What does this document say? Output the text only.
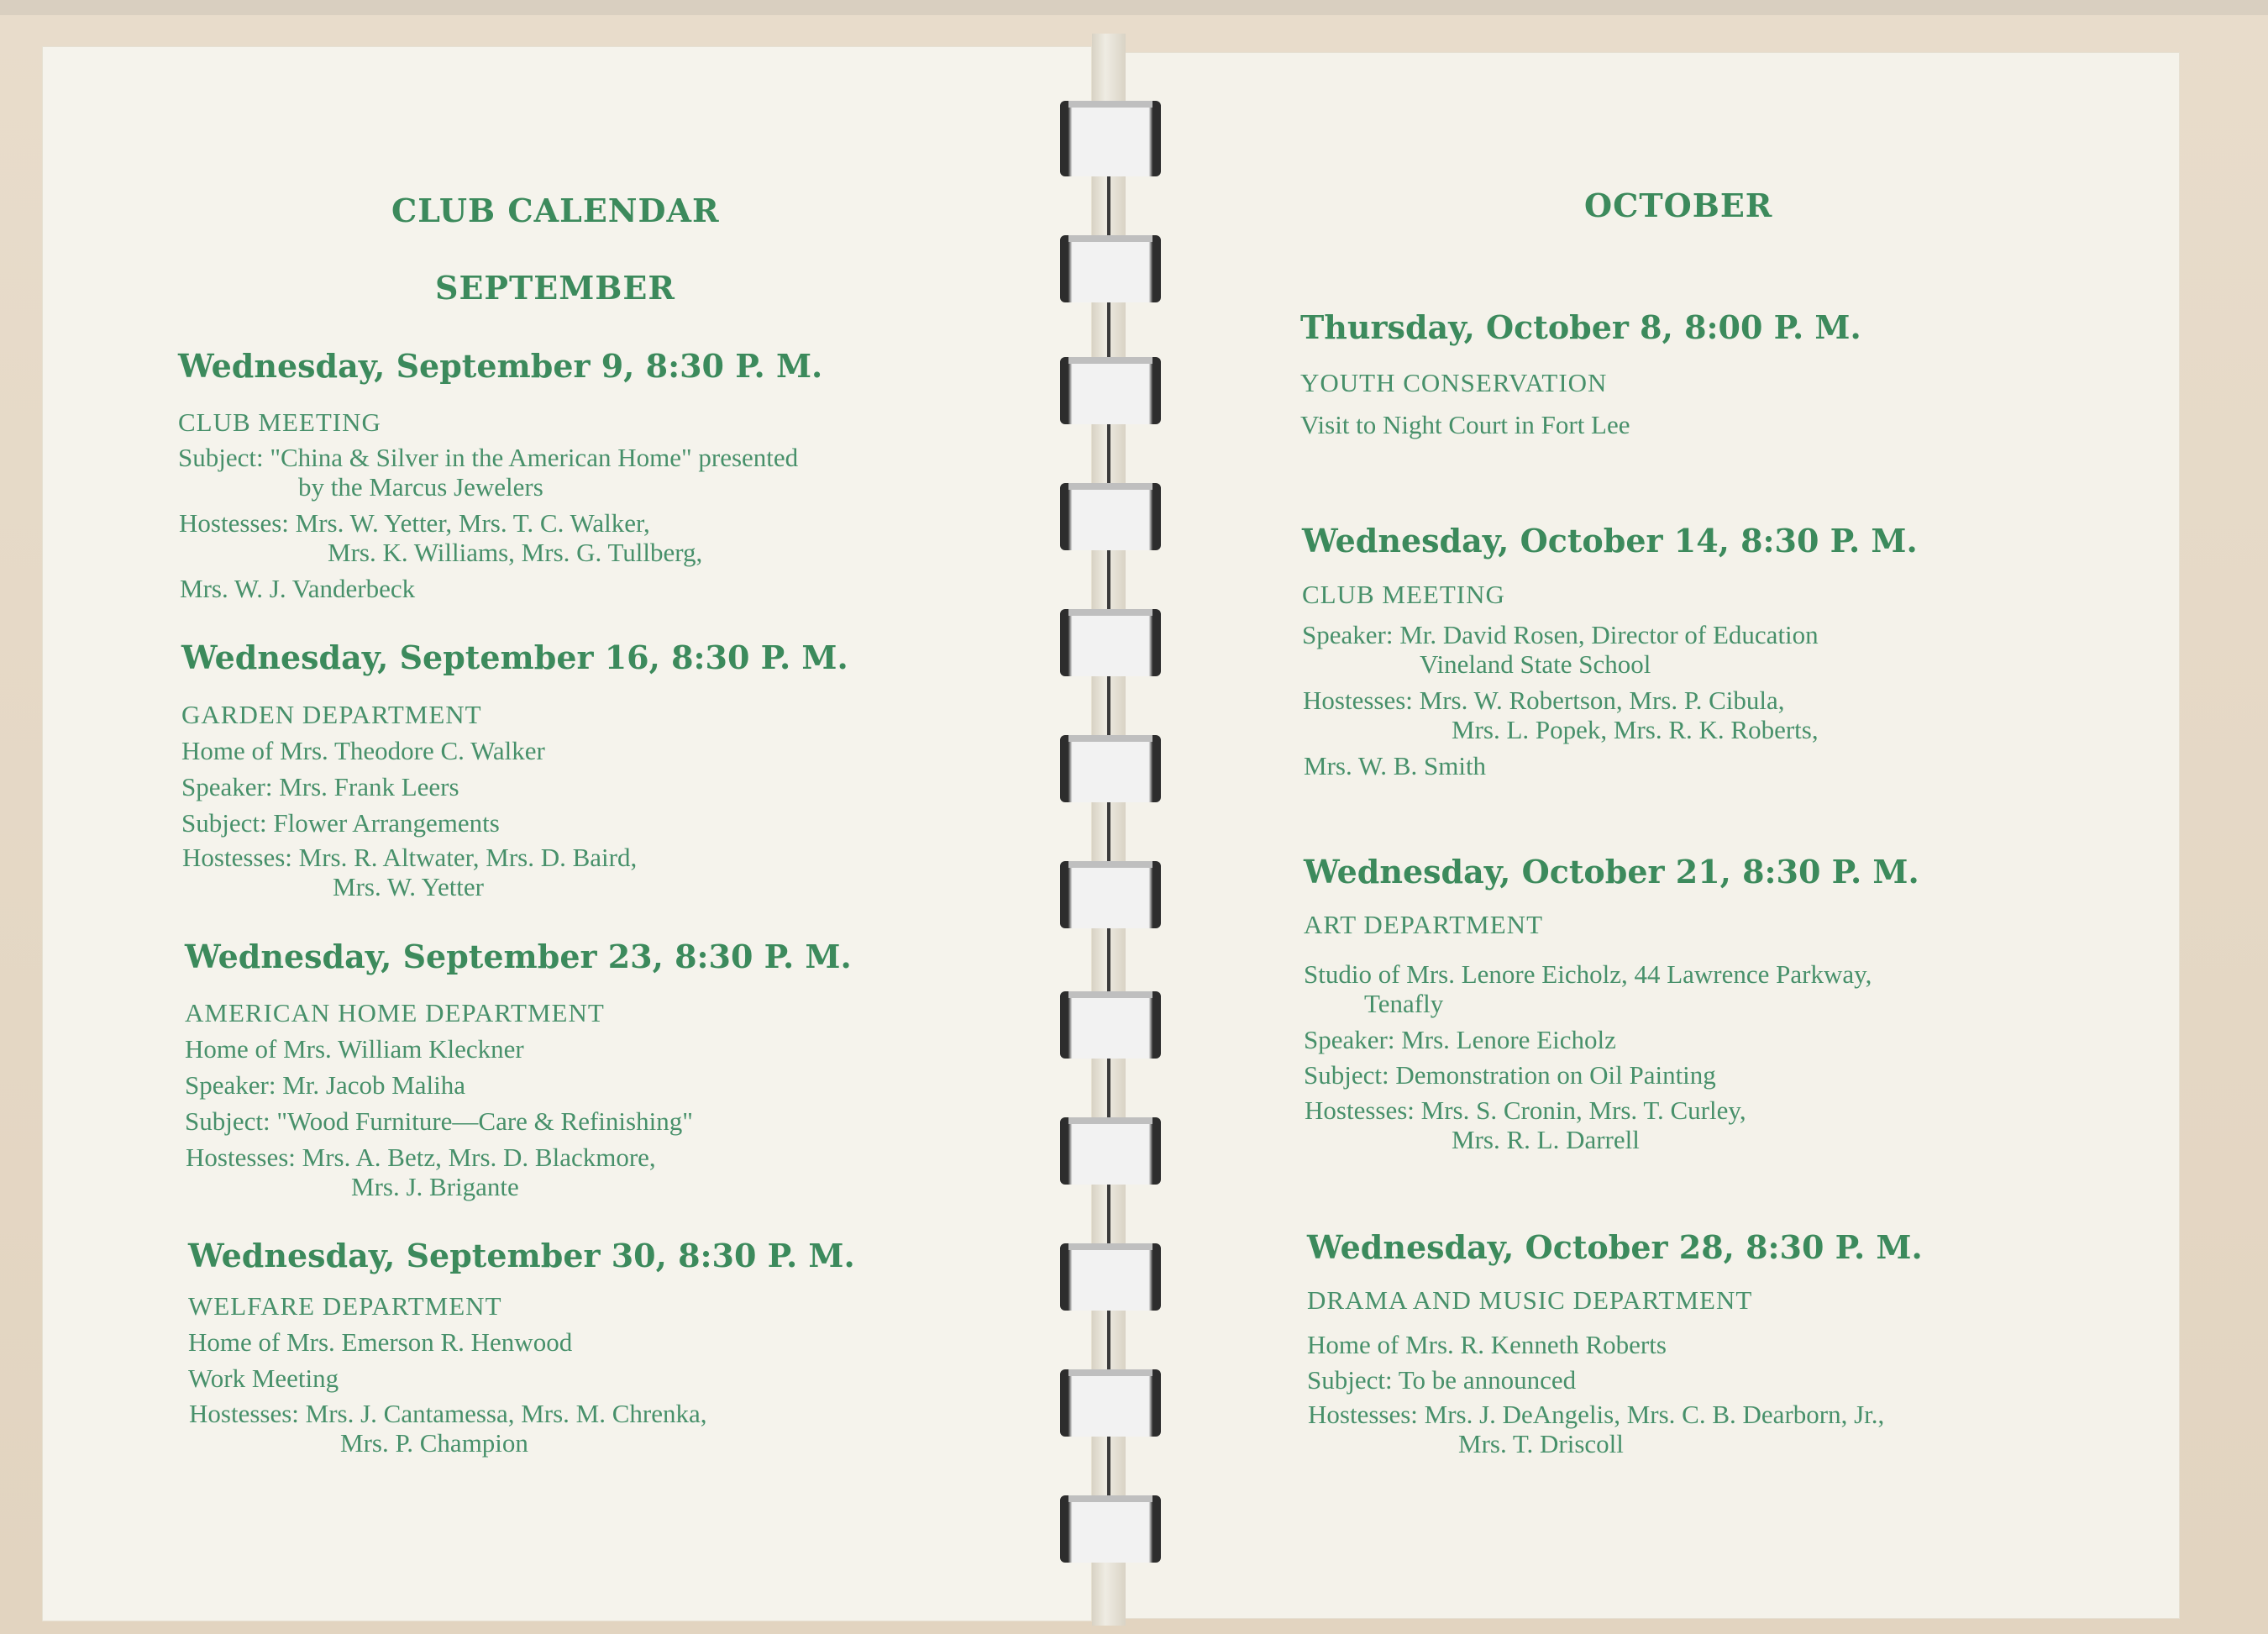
CLUB CALENDAR
SEPTEMBER
Wednesday, September 9, 8:30 P. M.
CLUB MEETING
Subject: "China & Silver in the American Home" presented
by the Marcus Jewelers
Hostesses: Mrs. W. Yetter, Mrs. T. C. Walker,
Mrs. K. Williams, Mrs. G. Tullberg,
Mrs. W. J. Vanderbeck
Wednesday, September 16, 8:30 P. M.
GARDEN DEPARTMENT
Home of Mrs. Theodore C. Walker
Speaker: Mrs. Frank Leers
Subject: Flower Arrangements
Hostesses: Mrs. R. Altwater, Mrs. D. Baird,
Mrs. W. Yetter
Wednesday, September 23, 8:30 P. M.
AMERICAN HOME DEPARTMENT
Home of Mrs. William Kleckner
Speaker: Mr. Jacob Maliha
Subject: "Wood Furniture—Care & Refinishing"
Hostesses: Mrs. A. Betz, Mrs. D. Blackmore,
Mrs. J. Brigante
Wednesday, September 30, 8:30 P. M.
WELFARE DEPARTMENT
Home of Mrs. Emerson R. Henwood
Work Meeting
Hostesses: Mrs. J. Cantamessa, Mrs. M. Chrenka,
Mrs. P. Champion
OCTOBER
Thursday, October 8, 8:00 P. M.
YOUTH CONSERVATION
Visit to Night Court in Fort Lee
Wednesday, October 14, 8:30 P. M.
CLUB MEETING
Speaker: Mr. David Rosen, Director of Education
Vineland State School
Hostesses: Mrs. W. Robertson, Mrs. P. Cibula,
Mrs. L. Popek, Mrs. R. K. Roberts,
Mrs. W. B. Smith
Wednesday, October 21, 8:30 P. M.
ART DEPARTMENT
Studio of Mrs. Lenore Eicholz, 44 Lawrence Parkway,
Tenafly
Speaker: Mrs. Lenore Eicholz
Subject: Demonstration on Oil Painting
Hostesses: Mrs. S. Cronin, Mrs. T. Curley,
Mrs. R. L. Darrell
Wednesday, October 28, 8:30 P. M.
DRAMA AND MUSIC DEPARTMENT
Home of Mrs. R. Kenneth Roberts
Subject: To be announced
Hostesses: Mrs. J. DeAngelis, Mrs. C. B. Dearborn, Jr.,
Mrs. T. Driscoll
